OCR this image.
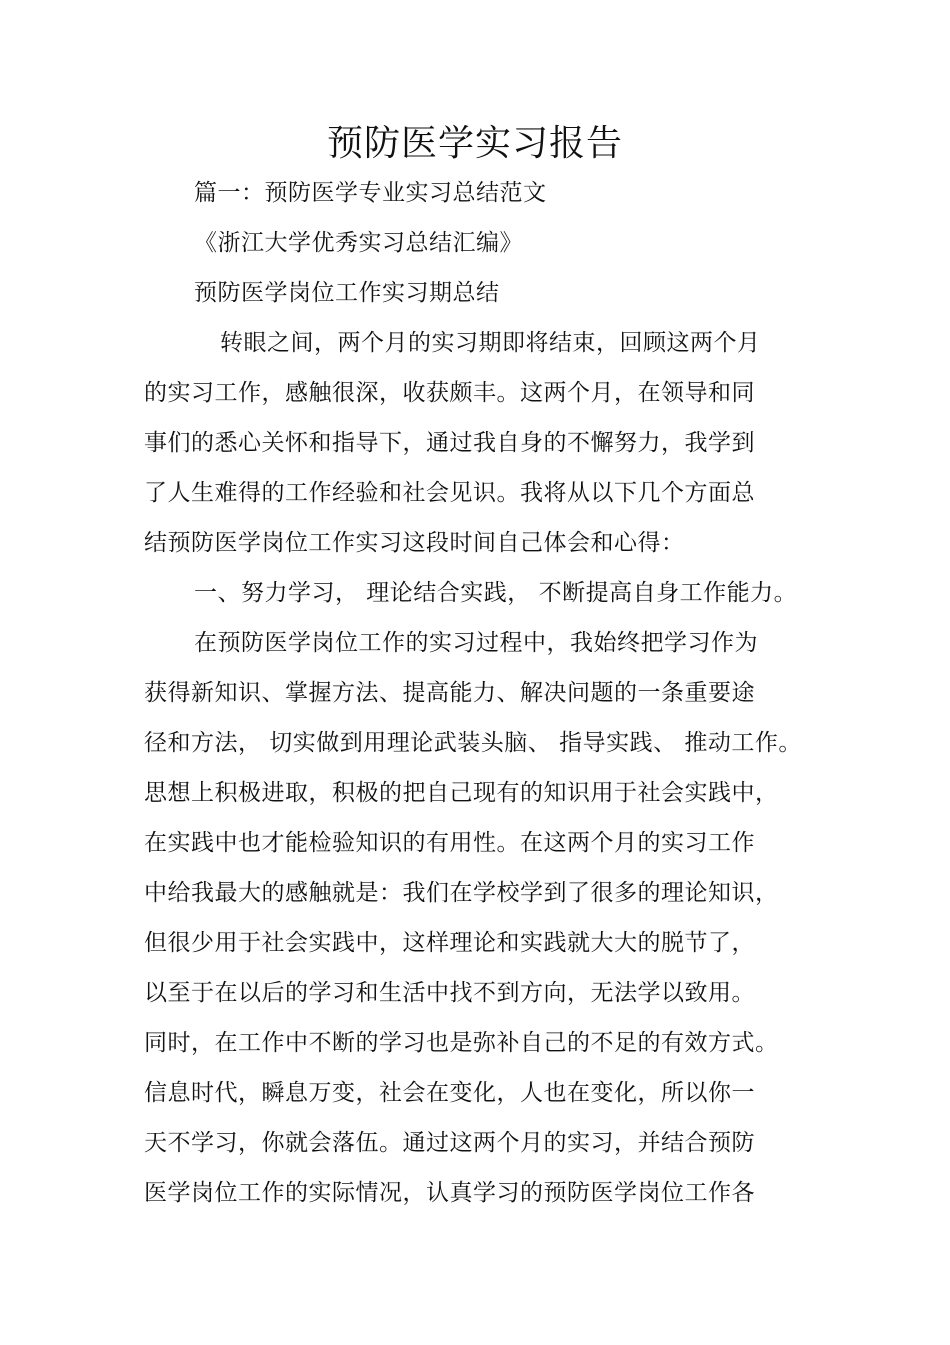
预防医学实习报告
篇一：预防医学专业实习总结范文
《浙江大学优秀实习总结汇编》
预防医学岗位工作实习期总结
转眼之间，两个月的实习期即将结束，回顾这两个月
的实习工作，感触很深，收获颇丰。这两个月，在领导和同
事们的悉心关怀和指导下，通过我自身的不懈努力，我学到
了人生难得的工作经验和社会见识。我将从以下几个方面总
结预防医学岗位工作实习这段时间自己体会和心得：
一、努力学习， 理论结合实践， 不断提高自身工作能力。
在预防医学岗位工作的实习过程中，我始终把学习作为
获得新知识、掌握方法、提高能力、解决问题的一条重要途
径和方法， 切实做到用理论武装头脑、 指导实践、 推动工作。
思想上积极进取，积极的把自己现有的知识用于社会实践中，
在实践中也才能检验知识的有用性。在这两个月的实习工作
中给我最大的感触就是：我们在学校学到了很多的理论知识，
但很少用于社会实践中，这样理论和实践就大大的脱节了，
以至于在以后的学习和生活中找不到方向，无法学以致用。
同时，在工作中不断的学习也是弥补自己的不足的有效方式。
信息时代，瞬息万变，社会在变化，人也在变化，所以你一
天不学习，你就会落伍。通过这两个月的实习，并结合预防
医学岗位工作的实际情况，认真学习的预防医学岗位工作各
